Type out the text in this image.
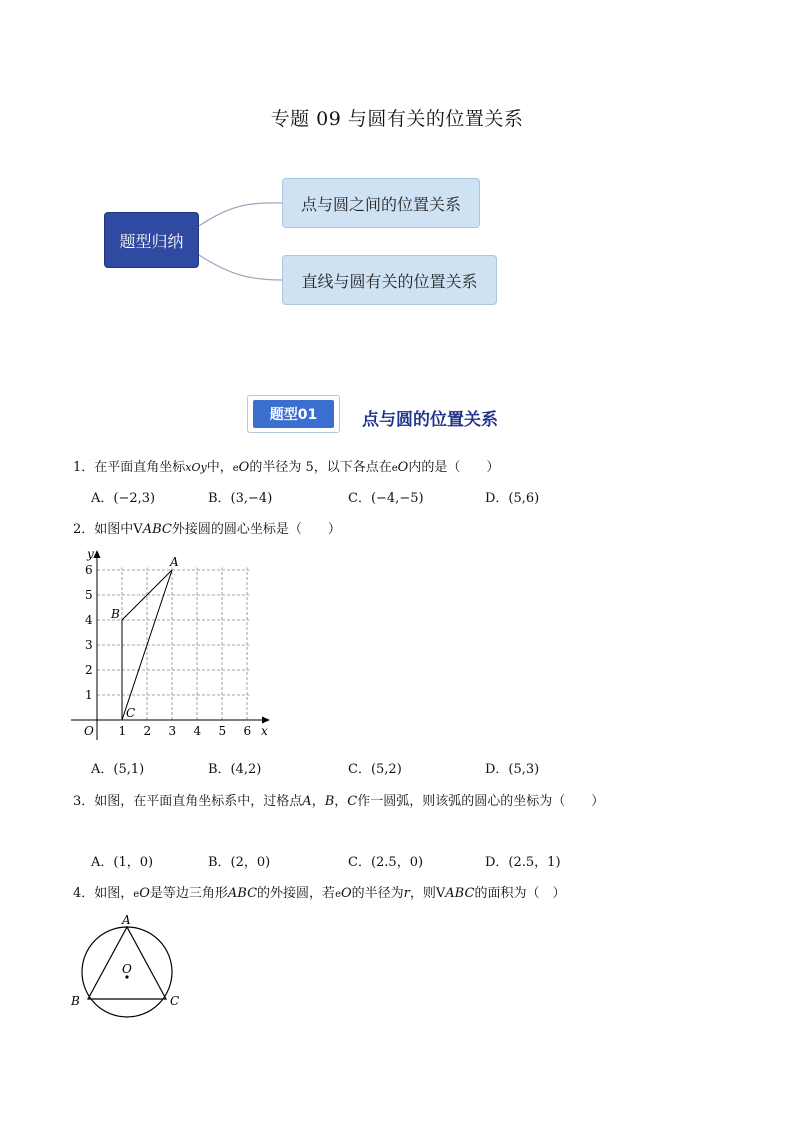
专题 09 与圆有关的位置关系
题型归纳
点与圆之间的位置关系
直线与圆有关的位置关系
题型01	点与圆的位置关系
1．在平面直角坐标xOy中，eO的半径为 5，以下各点在eO内的是（　　）
A．(−2,3)	B．(3,−4)	C．(−4,−5)	D．(5,6)
2．如图中VABC外接圆的圆心坐标是（　　）
1 2 3 4 5 6
1
2
3
4
5
6
O	x
y
A
B
C
A．(5,1)	B．(4,2)	C．(5,2)	D．(5,3)
3．如图，在平面直角坐标系中，过格点A，B，C作一圆弧，则该弧的圆心的坐标为（　　）
A．(1，0)	B．(2，0)	C．(2.5，0)	D．(2.5，1)
4．如图，eO是等边三角形ABC的外接圆，若eO的半径为r，则VABC的面积为（　）
A
B	C
O
